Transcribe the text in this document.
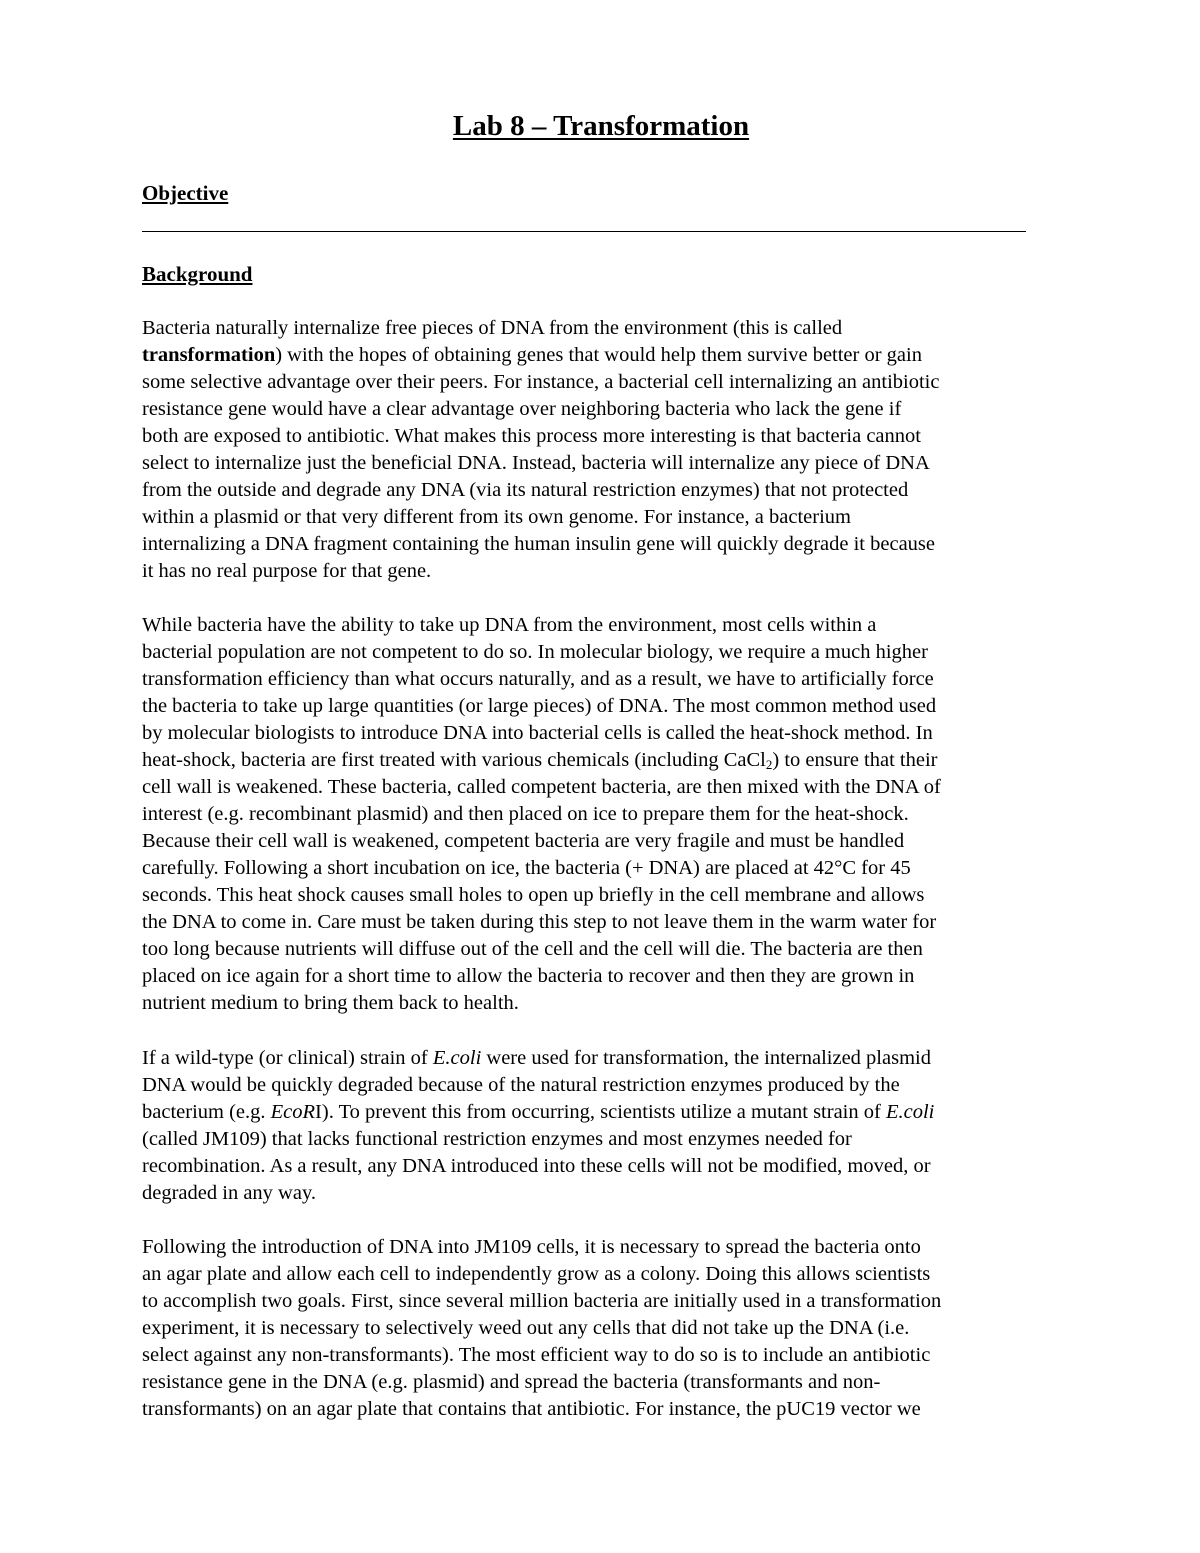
Lab 8 – Transformation
Objective
Background

Bacteria naturally internalize free pieces of DNA from the environment (this is called
transformation) with the hopes of obtaining genes that would help them survive better or gain
some selective advantage over their peers. For instance, a bacterial cell internalizing an antibiotic
resistance gene would have a clear advantage over neighboring bacteria who lack the gene if
both are exposed to antibiotic. What makes this process more interesting is that bacteria cannot
select to internalize just the beneficial DNA. Instead, bacteria will internalize any piece of DNA
from the outside and degrade any DNA (via its natural restriction enzymes) that not protected
within a plasmid or that very different from its own genome. For instance, a bacterium
internalizing a DNA fragment containing the human insulin gene will quickly degrade it because
it has no real purpose for that gene.

While bacteria have the ability to take up DNA from the environment, most cells within a
bacterial population are not competent to do so. In molecular biology, we require a much higher
transformation efficiency than what occurs naturally, and as a result, we have to artificially force
the bacteria to take up large quantities (or large pieces) of DNA. The most common method used
by molecular biologists to introduce DNA into bacterial cells is called the heat-shock method. In
heat-shock, bacteria are first treated with various chemicals (including CaCl$_2$) to ensure that their
cell wall is weakened. These bacteria, called competent bacteria, are then mixed with the DNA of
interest (e.g. recombinant plasmid) and then placed on ice to prepare them for the heat-shock.
Because their cell wall is weakened, competent bacteria are very fragile and must be handled
carefully. Following a short incubation on ice, the bacteria (+ DNA) are placed at 42°C for 45
seconds. This heat shock causes small holes to open up briefly in the cell membrane and allows
the DNA to come in. Care must be taken during this step to not leave them in the warm water for
too long because nutrients will diffuse out of the cell and the cell will die. The bacteria are then
placed on ice again for a short time to allow the bacteria to recover and then they are grown in
nutrient medium to bring them back to health.

If a wild-type (or clinical) strain of E.coli were used for transformation, the internalized plasmid
DNA would be quickly degraded because of the natural restriction enzymes produced by the
bacterium (e.g. EcoRI). To prevent this from occurring, scientists utilize a mutant strain of E.coli
(called JM109) that lacks functional restriction enzymes and most enzymes needed for
recombination. As a result, any DNA introduced into these cells will not be modified, moved, or
degraded in any way.

Following the introduction of DNA into JM109 cells, it is necessary to spread the bacteria onto
an agar plate and allow each cell to independently grow as a colony. Doing this allows scientists
to accomplish two goals. First, since several million bacteria are initially used in a transformation
experiment, it is necessary to selectively weed out any cells that did not take up the DNA (i.e.
select against any non-transformants). The most efficient way to do so is to include an antibiotic
resistance gene in the DNA (e.g. plasmid) and spread the bacteria (transformants and non-
transformants) on an agar plate that contains that antibiotic. For instance, the pUC19 vector we
